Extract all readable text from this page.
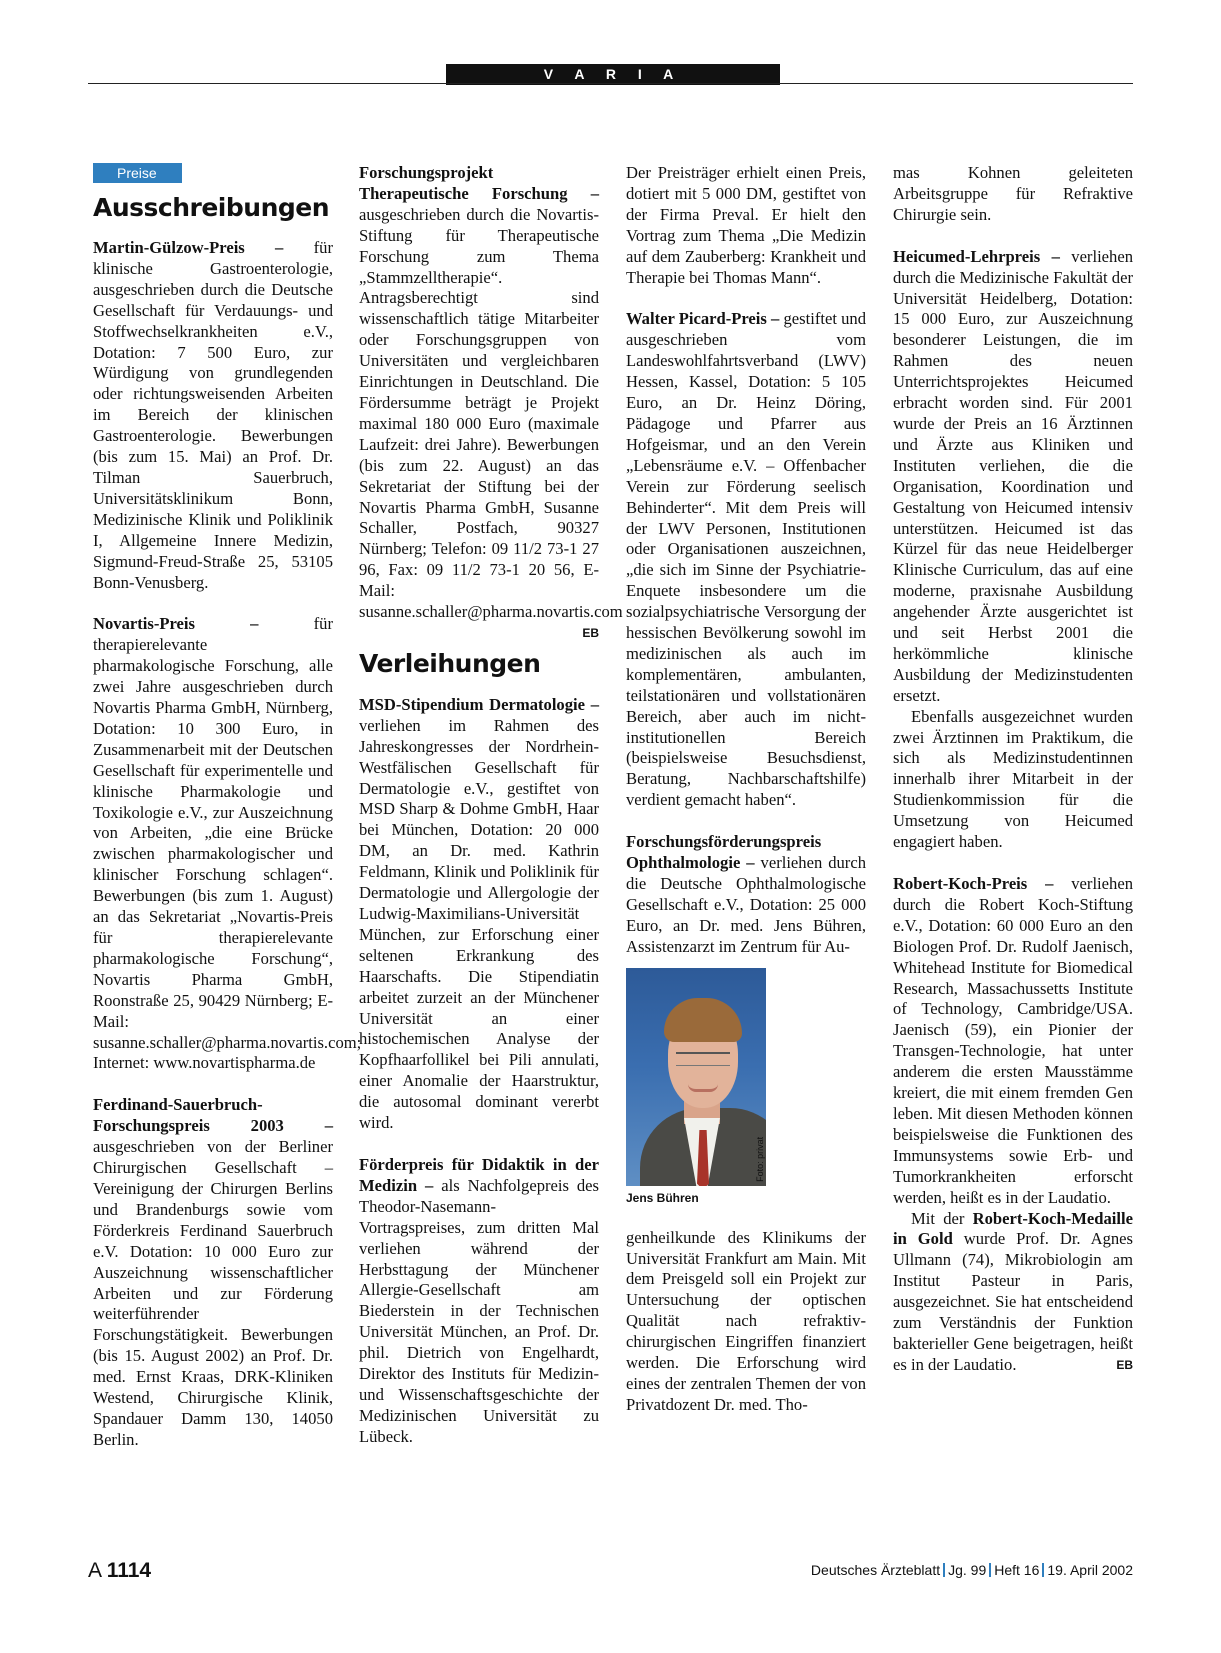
V A R I A
Preise
Ausschreibungen

Martin-Gülzow-Preis – für klinische Gastroenterologie, ausgeschrieben durch die Deutsche Gesellschaft für Verdauungs- und Stoffwechselkrankheiten e.V., Dotation: 7 500 Euro, zur Würdigung von grundlegenden oder richtungsweisenden Arbeiten im Bereich der klinischen Gastroenterologie. Bewerbungen (bis zum 15. Mai) an Prof. Dr. Tilman Sauerbruch, Universitätsklinikum Bonn, Medizinische Klinik und Poliklinik I, Allgemeine Innere Medizin, Sigmund-Freud-Straße 25, 53105 Bonn-Venusberg.

Novartis-Preis – für therapierelevante pharmakologische Forschung, alle zwei Jahre ausgeschrieben durch Novartis Pharma GmbH, Nürnberg, Dotation: 10 300 Euro, in Zusammenarbeit mit der Deutschen Gesellschaft für experimentelle und klinische Pharmakologie und Toxikologie e.V., zur Auszeichnung von Arbeiten, „die eine Brücke zwischen pharmakologischer und klinischer Forschung schlagen“. Bewerbungen (bis zum 1. August) an das Sekretariat „Novartis-Preis für therapierelevante pharmakologische Forschung“, Novartis Pharma GmbH, Roonstraße 25, 90429 Nürnberg; E-Mail: susanne.schaller@pharma.novartis.com; Internet: www.novartispharma.de

Ferdinand-Sauerbruch-Forschungspreis 2003 – ausgeschrieben von der Berliner Chirurgischen Gesellschaft – Vereinigung der Chirurgen Berlins und Brandenburgs sowie vom Förderkreis Ferdinand Sauerbruch e.V. Dotation: 10 000 Euro zur Auszeichnung wissenschaftlicher Arbeiten und zur Förderung weiterführender Forschungstätigkeit. Bewerbungen (bis 15. August 2002) an Prof. Dr. med. Ernst Kraas, DRK-Kliniken Westend, Chirurgische Klinik, Spandauer Damm 130, 14050 Berlin.

Forschungsprojekt Therapeutische Forschung – ausgeschrieben durch die Novartis-Stiftung für Therapeutische Forschung zum Thema „Stammzelltherapie“. Antragsberechtigt sind wissenschaftlich tätige Mitarbeiter oder Forschungsgruppen von Universitäten und vergleichbaren Einrichtungen in Deutschland. Die Fördersumme beträgt je Projekt maximal 180 000 Euro (maximale Laufzeit: drei Jahre). Bewerbungen (bis zum 22. August) an das Sekretariat der Stiftung bei der Novartis Pharma GmbH, Susanne Schaller, Postfach, 90327 Nürnberg; Telefon: 09 11/2 73-1 27 96, Fax: 09 11/2 73-1 20 56, E-Mail: susanne.schaller@pharma.novartis.com
EB

Verleihungen

MSD-Stipendium Dermatologie – verliehen im Rahmen des Jahreskongresses der Nordrhein-Westfälischen Gesellschaft für Dermatologie e.V., gestiftet von MSD Sharp & Dohme GmbH, Haar bei München, Dotation: 20 000 DM, an Dr. med. Kathrin Feldmann, Klinik und Poliklinik für Dermatologie und Allergologie der Ludwig-Maximilians-Universität München, zur Erforschung einer seltenen Erkrankung des Haarschafts. Die Stipendiatin arbeitet zurzeit an der Münchener Universität an einer histochemischen Analyse der Kopfhaarfollikel bei Pili annulati, einer Anomalie der Haarstruktur, die autosomal dominant vererbt wird.

Förderpreis für Didaktik in der Medizin – als Nachfolgepreis des Theodor-Nasemann-Vortragspreises, zum dritten Mal verliehen während der Herbsttagung der Münchener Allergie-Gesellschaft am Biederstein in der Technischen Universität München, an Prof. Dr. phil. Dietrich von Engelhardt, Direktor des Instituts für Medizin- und Wissenschaftsgeschichte der Medizinischen Universität zu Lübeck.

Der Preisträger erhielt einen Preis, dotiert mit 5 000 DM, gestiftet von der Firma Preval. Er hielt den Vortrag zum Thema „Die Medizin auf dem Zauberberg: Krankheit und Therapie bei Thomas Mann“.

Walter Picard-Preis – gestiftet und ausgeschrieben vom Landeswohlfahrtsverband (LWV) Hessen, Kassel, Dotation: 5 105 Euro, an Dr. Heinz Döring, Pädagoge und Pfarrer aus Hofgeismar, und an den Verein „Lebensräume e.V. – Offenbacher Verein zur Förderung seelisch Behinderter“. Mit dem Preis will der LWV Personen, Institutionen oder Organisationen auszeichnen, „die sich im Sinne der Psychiatrie-Enquete insbesondere um die sozialpsychiatrische Versorgung der hessischen Bevölkerung sowohl im medizinischen als auch im komplementären, ambulanten, teilstationären und vollstationären Bereich, aber auch im nicht-institutionellen Bereich (beispielsweise Besuchsdienst, Beratung, Nachbarschaftshilfe) verdient gemacht haben“.

Forschungsförderungspreis Ophthalmologie – verliehen durch die Deutsche Ophthalmologische Gesellschaft e.V., Dotation: 25 000 Euro, an Dr. med. Jens Bühren, Assistenzarzt im Zentrum für Au-

Foto: privat
Jens Bühren

genheilkunde des Klinikums der Universität Frankfurt am Main. Mit dem Preisgeld soll ein Projekt zur Untersuchung der optischen Qualität nach refraktiv-chirurgischen Eingriffen finanziert werden. Die Erforschung wird eines der zentralen Themen der von Privatdozent Dr. med. Tho-

mas Kohnen geleiteten Arbeitsgruppe für Refraktive Chirurgie sein.

Heicumed-Lehrpreis – verliehen durch die Medizinische Fakultät der Universität Heidelberg, Dotation: 15 000 Euro, zur Auszeichnung besonderer Leistungen, die im Rahmen des neuen Unterrichtsprojektes Heicumed erbracht worden sind. Für 2001 wurde der Preis an 16 Ärztinnen und Ärzte aus Kliniken und Instituten verliehen, die die Organisation, Koordination und Gestaltung von Heicumed intensiv unterstützen. Heicumed ist das Kürzel für das neue Heidelberger Klinische Curriculum, das auf eine moderne, praxisnahe Ausbildung angehender Ärzte ausgerichtet ist und seit Herbst 2001 die herkömmliche klinische Ausbildung der Medizinstudenten ersetzt.

Ebenfalls ausgezeichnet wurden zwei Ärztinnen im Praktikum, die sich als Medizinstudentinnen innerhalb ihrer Mitarbeit in der Studienkommission für die Umsetzung von Heicumed engagiert haben.

Robert-Koch-Preis – verliehen durch die Robert Koch-Stiftung e.V., Dotation: 60 000 Euro an den Biologen Prof. Dr. Rudolf Jaenisch, Whitehead Institute for Biomedical Research, Massachussetts Institute of Technology, Cambridge/USA. Jaenisch (59), ein Pionier der Transgen-Technologie, hat unter anderem die ersten Mausstämme kreiert, die mit einem fremden Gen leben. Mit diesen Methoden können beispielsweise die Funktionen des Immunsystems sowie Erb- und Tumorkrankheiten erforscht werden, heißt es in der Laudatio.

Mit der Robert-Koch-Medaille in Gold wurde Prof. Dr. Agnes Ullmann (74), Mikrobiologin am Institut Pasteur in Paris, ausgezeichnet. Sie hat entscheidend zum Verständnis der Funktion bakterieller Gene beigetragen, heißt es in der Laudatio.	EB

A 1114	Deutsches Ärzteblatt Jg. 99 Heft 16 19. April 2002
